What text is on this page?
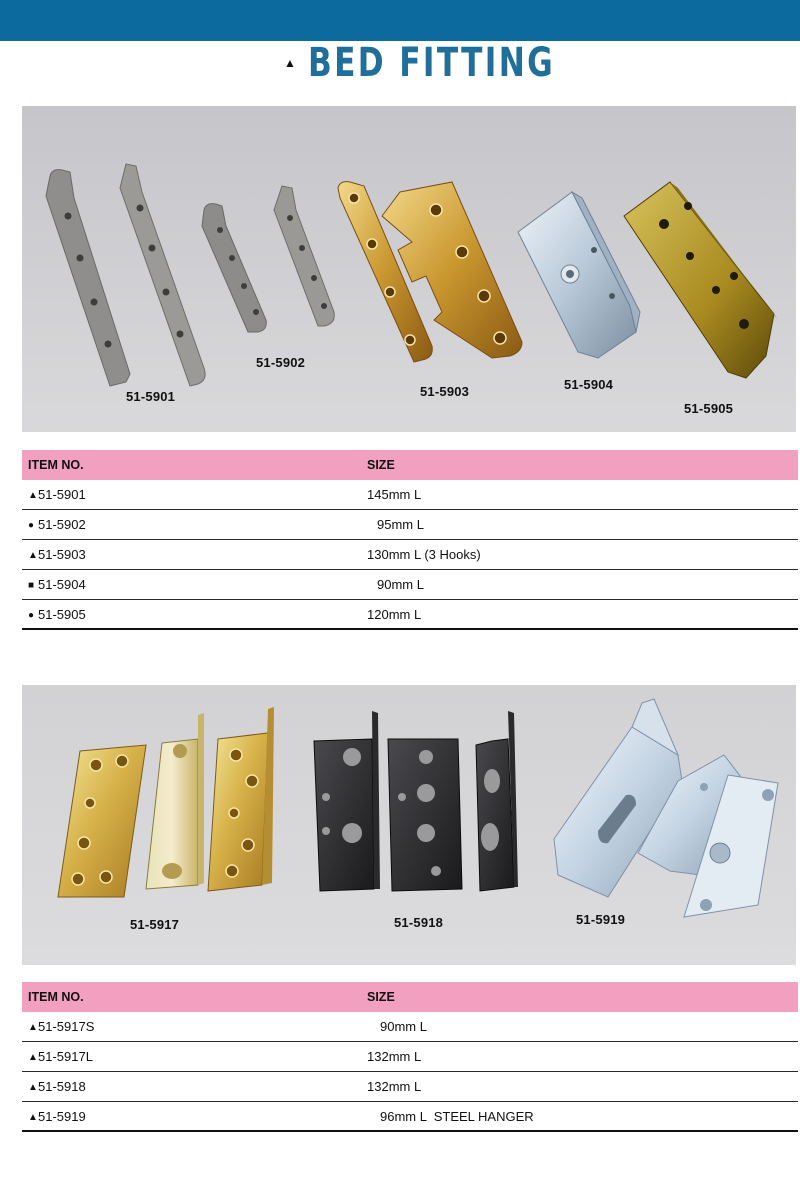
▲ BED FITTING
51-5901
51-5902
51-5903	51-5904
51-5905
ITEM NO.	SIZE
▲51-5901	145mm L
● 51-5902	95mm L
▲51-5903	130mm L (3 Hooks)
■ 51-5904	90mm L
● 51-5905	120mm L
51-5917	51-5918	51-5919
ITEM NO.	SIZE
▲51-5917S	90mm L
▲51-5917L	132mm L
▲51-5918	132mm L
▲51-5919	96mm L  STEEL HANGER
